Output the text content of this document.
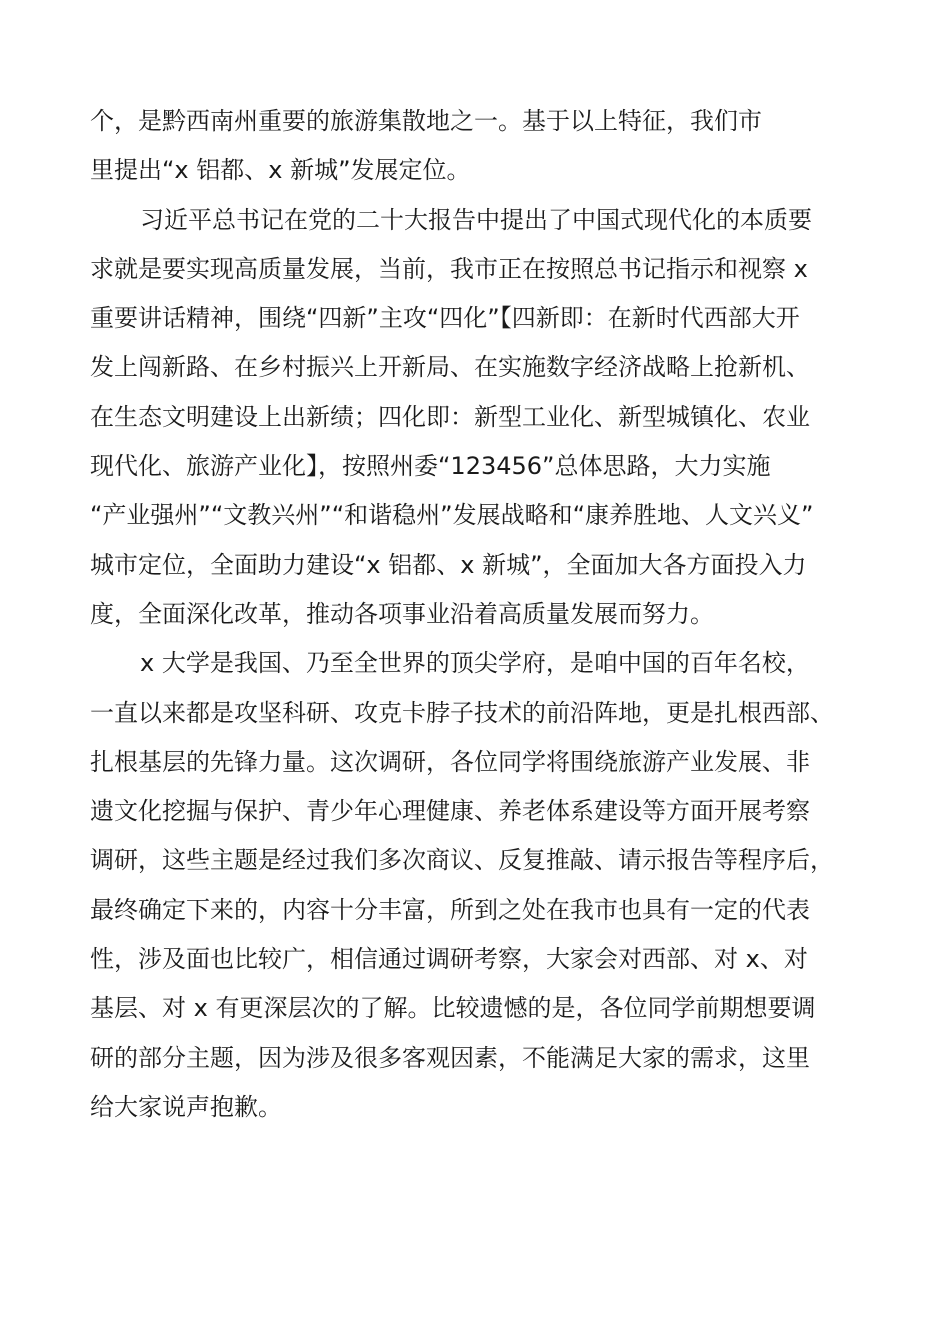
个，是黔西南州重要的旅游集散地之一。基于以上特征，我们市
里提出“x 铝都、x 新城”发展定位。
习近平总书记在党的二十大报告中提出了中国式现代化的本质要
求就是要实现高质量发展，当前，我市正在按照总书记指示和视察 x
重要讲话精神，围绕“四新”主攻“四化”【四新即：在新时代西部大开
发上闯新路、在乡村振兴上开新局、在实施数字经济战略上抢新机、
在生态文明建设上出新绩；四化即：新型工业化、新型城镇化、农业
现代化、旅游产业化】，按照州委“123456”总体思路，大力实施
“产业强州”“文教兴州”“和谐稳州”发展战略和“康养胜地、人文兴义”
城市定位，全面助力建设“x 铝都、x 新城”，全面加大各方面投入力
度，全面深化改革，推动各项事业沿着高质量发展而努力。
x 大学是我国、乃至全世界的顶尖学府，是咱中国的百年名校，
一直以来都是攻坚科研、攻克卡脖子技术的前沿阵地，更是扎根西部、
扎根基层的先锋力量。这次调研，各位同学将围绕旅游产业发展、非
遗文化挖掘与保护、青少年心理健康、养老体系建设等方面开展考察
调研，这些主题是经过我们多次商议、反复推敲、请示报告等程序后，
最终确定下来的，内容十分丰富，所到之处在我市也具有一定的代表
性，涉及面也比较广，相信通过调研考察，大家会对西部、对 x、对
基层、对 x 有更深层次的了解。比较遗憾的是，各位同学前期想要调
研的部分主题，因为涉及很多客观因素，不能满足大家的需求，这里
给大家说声抱歉。
